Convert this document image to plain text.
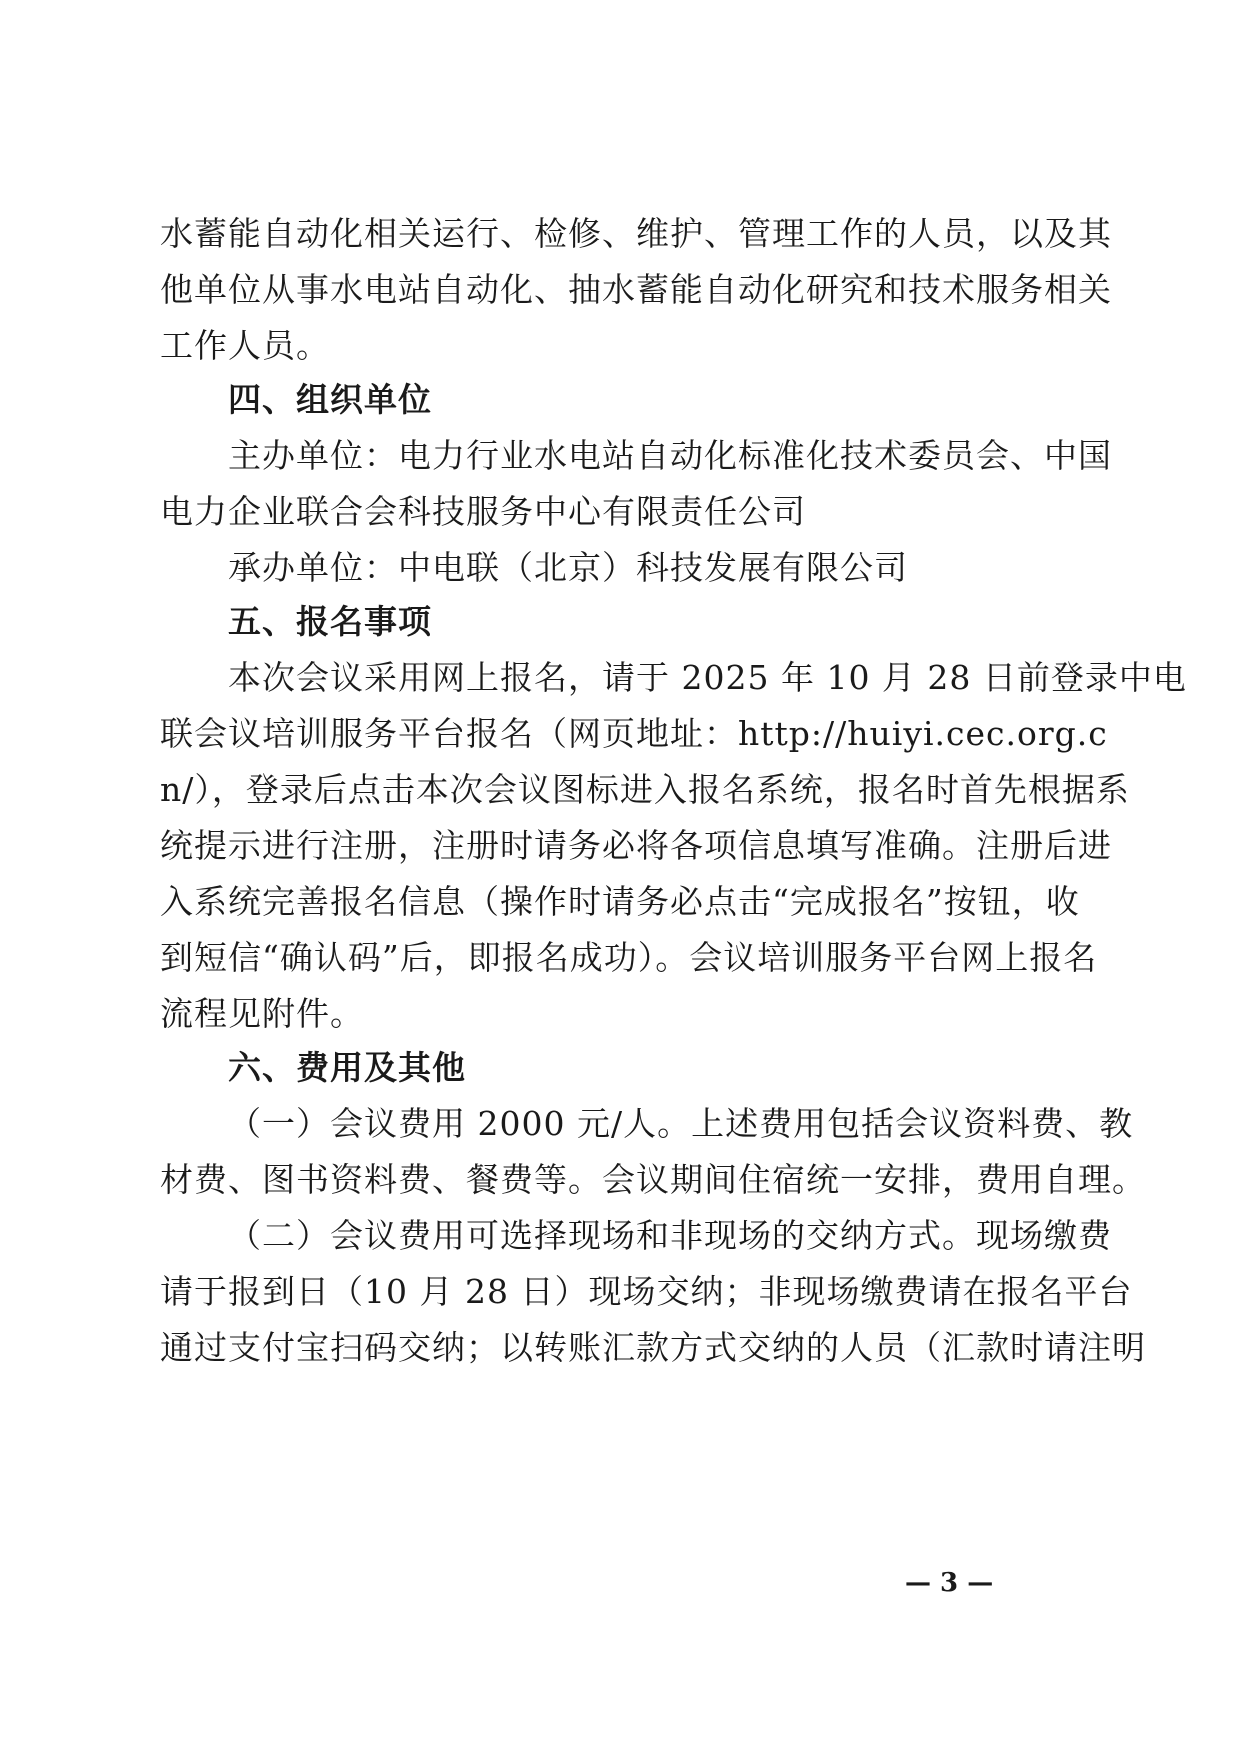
水蓄能自动化相关运行、检修、维护、管理工作的人员，以及其
他单位从事水电站自动化、抽水蓄能自动化研究和技术服务相关
工作人员。
四、组织单位
主办单位：电力行业水电站自动化标准化技术委员会、中国
电力企业联合会科技服务中心有限责任公司
承办单位：中电联（北京）科技发展有限公司
五、报名事项
本次会议采用网上报名，请于 2025 年 10 月 28 日前登录中电
联会议培训服务平台报名（网页地址：http://huiyi.cec.org.c
n/），登录后点击本次会议图标进入报名系统，报名时首先根据系
统提示进行注册，注册时请务必将各项信息填写准确。注册后进
入系统完善报名信息（操作时请务必点击“完成报名”按钮，收
到短信“确认码”后，即报名成功）。会议培训服务平台网上报名
流程见附件。
六、费用及其他
（一）会议费用 2000 元/人。上述费用包括会议资料费、教
材费、图书资料费、餐费等。会议期间住宿统一安排，费用自理。
（二）会议费用可选择现场和非现场的交纳方式。现场缴费
请于报到日（10 月 28 日）现场交纳；非现场缴费请在报名平台
通过支付宝扫码交纳；以转账汇款方式交纳的人员（汇款时请注明
— 3 —
